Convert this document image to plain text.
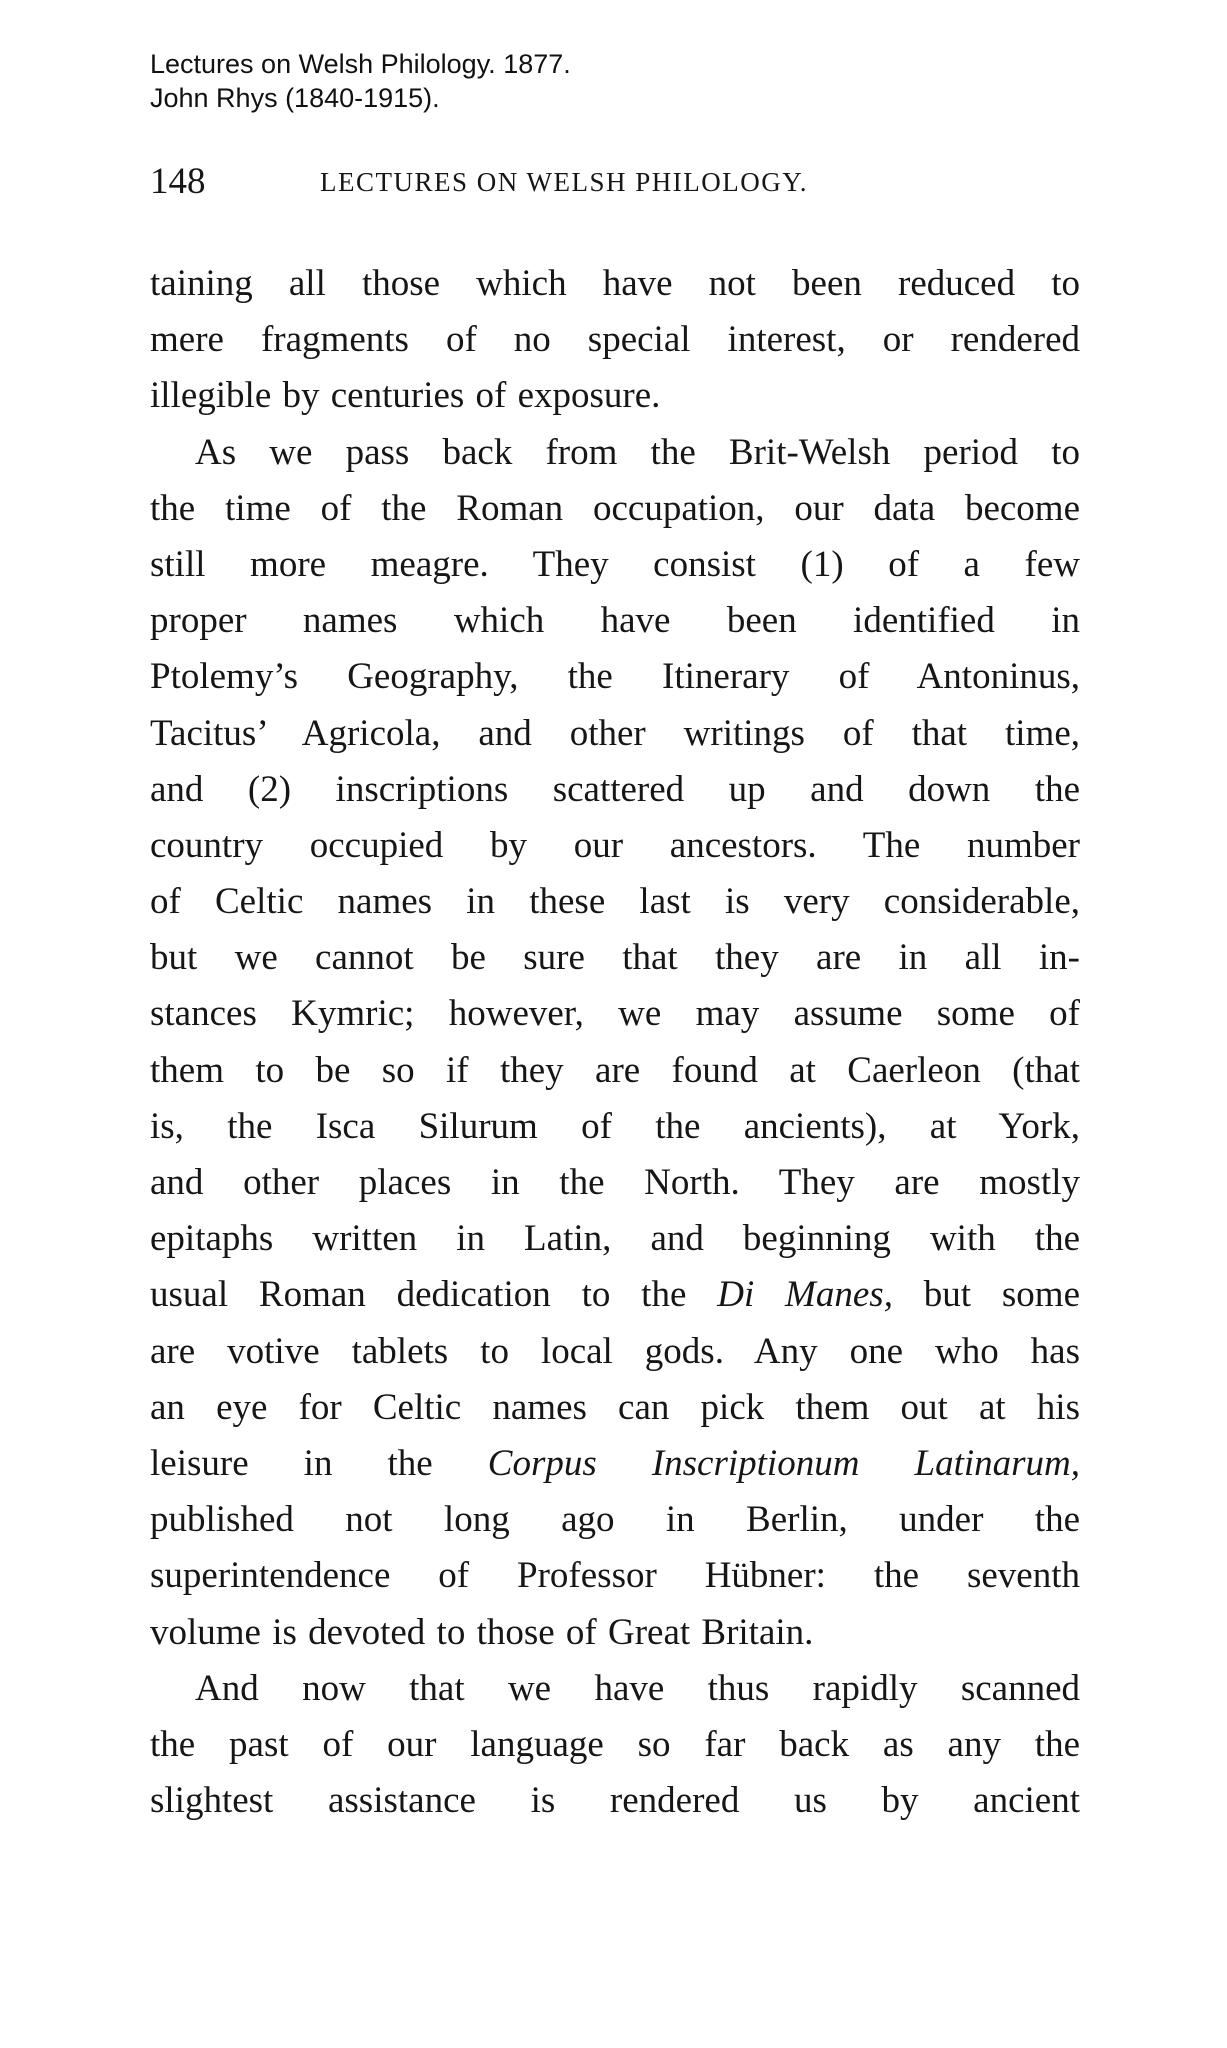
Lectures on Welsh Philology. 1877.
John Rhys (1840-1915).
148	LECTURES ON WELSH PHILOLOGY.
taining all those which have not been reduced to
mere fragments of no special interest, or rendered
illegible by centuries of exposure.
As we pass back from the Brit-Welsh period to
the time of the Roman occupation, our data become
still more meagre. They consist (1) of a few
proper names which have been identified in
Ptolemy’s Geography, the Itinerary of Antoninus,
Tacitus’ Agricola, and other writings of that time,
and (2) inscriptions scattered up and down the
country occupied by our ancestors. The number
of Celtic names in these last is very considerable,
but we cannot be sure that they are in all in-
stances Kymric; however, we may assume some of
them to be so if they are found at Caerleon (that
is, the Isca Silurum of the ancients), at York,
and other places in the North. They are mostly
epitaphs written in Latin, and beginning with the
usual Roman dedication to the Di Manes, but some
are votive tablets to local gods. Any one who has
an eye for Celtic names can pick them out at his
leisure in the Corpus Inscriptionum Latinarum,
published not long ago in Berlin, under the
superintendence of Professor Hübner: the seventh
volume is devoted to those of Great Britain.
And now that we have thus rapidly scanned
the past of our language so far back as any the
slightest assistance is rendered us by ancient
